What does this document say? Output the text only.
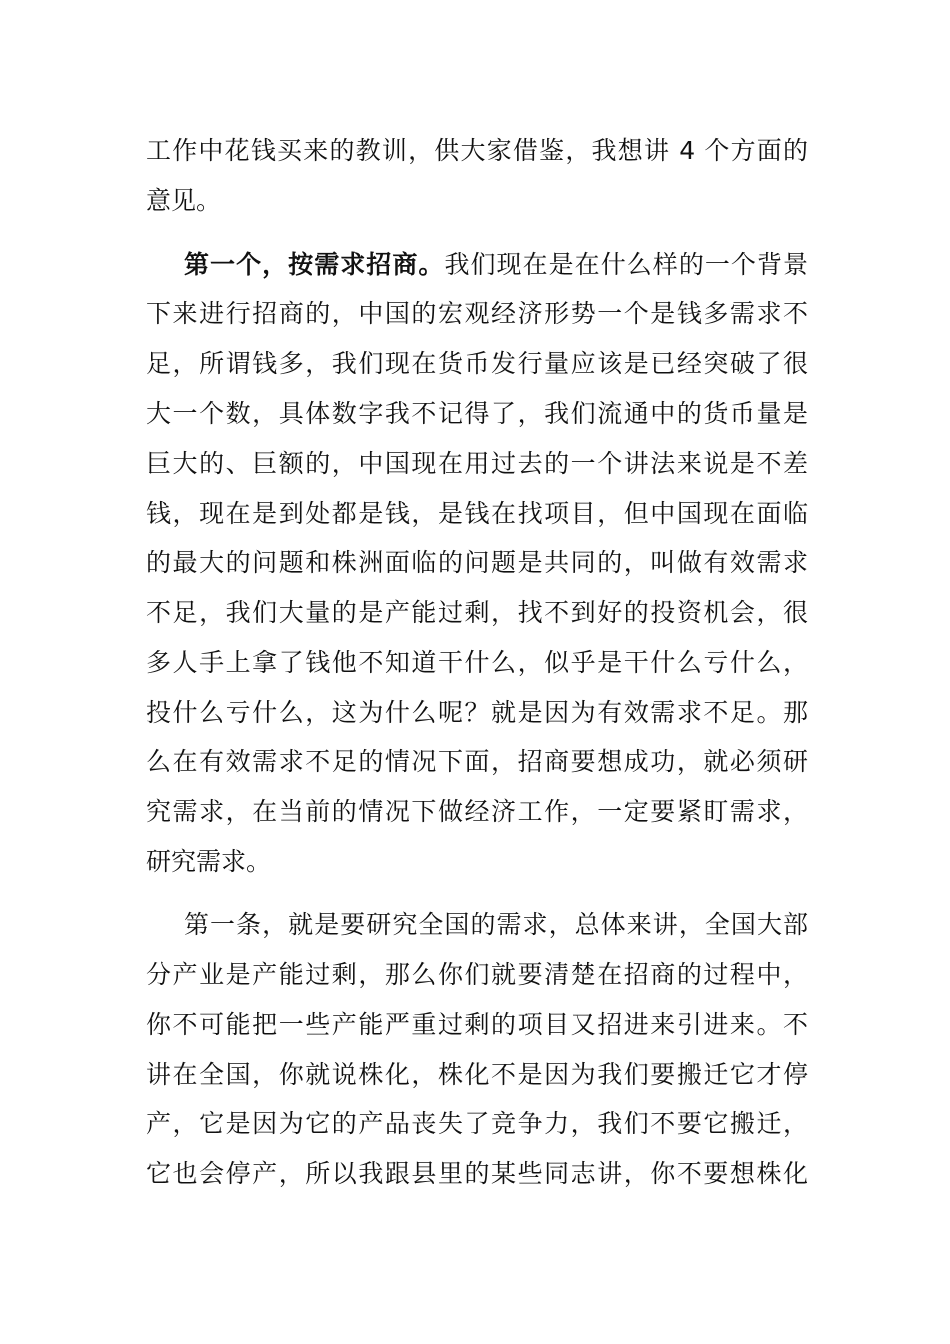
工作中花钱买来的教训，供大家借鉴，我想讲 4 个方面的
意见。
第一个，按需求招商。我们现在是在什么样的一个背景
下来进行招商的，中国的宏观经济形势一个是钱多需求不
足，所谓钱多，我们现在货币发行量应该是已经突破了很
大一个数，具体数字我不记得了，我们流通中的货币量是
巨大的、巨额的，中国现在用过去的一个讲法来说是不差
钱，现在是到处都是钱，是钱在找项目，但中国现在面临
的最大的问题和株洲面临的问题是共同的，叫做有效需求
不足，我们大量的是产能过剩，找不到好的投资机会，很
多人手上拿了钱他不知道干什么，似乎是干什么亏什么，
投什么亏什么，这为什么呢？就是因为有效需求不足。那
么在有效需求不足的情况下面，招商要想成功，就必须研
究需求，在当前的情况下做经济工作，一定要紧盯需求，
研究需求。
第一条，就是要研究全国的需求，总体来讲，全国大部
分产业是产能过剩，那么你们就要清楚在招商的过程中，
你不可能把一些产能严重过剩的项目又招进来引进来。不
讲在全国，你就说株化，株化不是因为我们要搬迁它才停
产，它是因为它的产品丧失了竞争力，我们不要它搬迁，
它也会停产，所以我跟县里的某些同志讲，你不要想株化
